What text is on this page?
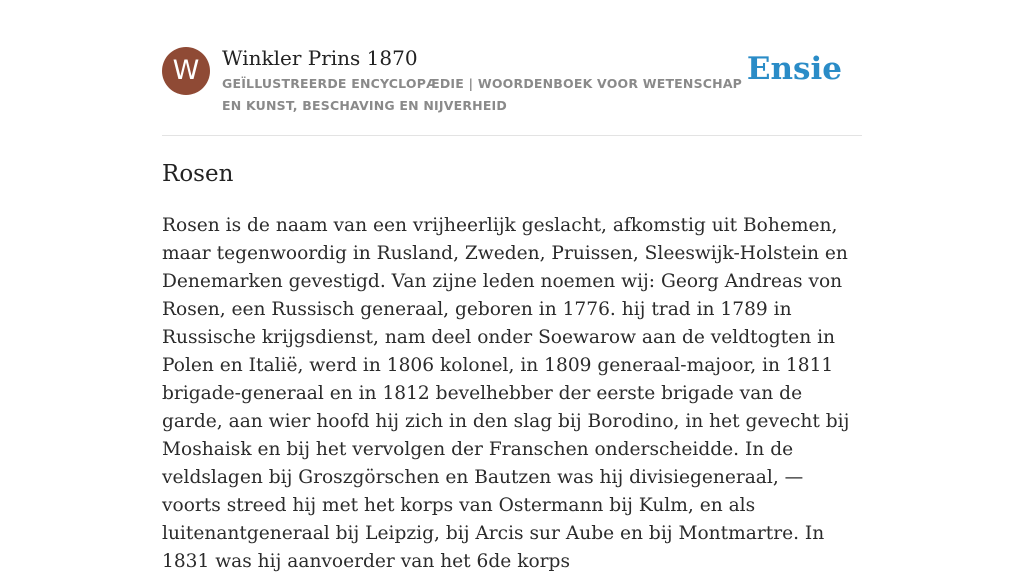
W	Winkler Prins 1870
GEÏLLUSTREERDE ENCYCLOPÆDIE | WOORDENBOEK VOOR WETENSCHAP EN KUNST, BESCHAVING EN NIJVERHEID
Ensie
Rosen

Rosen is de naam van een vrijheerlijk geslacht, afkomstig uit Bohemen, maar tegenwoordig in Rusland, Zweden, Pruissen, Sleeswijk-Holstein en Denemarken gevestigd. Van zijne leden noemen wij: Georg Andreas von Rosen, een Russisch generaal, geboren in 1776. hij trad in 1789 in Russische krijgsdienst, nam deel onder Soewarow aan de veldtogten in Polen en Italië, werd in 1806 kolonel, in 1809 generaal-majoor, in 1811 brigade-generaal en in 1812 bevelhebber der eerste brigade van de garde, aan wier hoofd hij zich in den slag bij Borodino, in het gevecht bij Moshaisk en bij het vervolgen der Franschen onderscheidde. In de veldslagen bij Groszgörschen en Bautzen was hij divisiegeneraal, — voorts streed hij met het korps van Ostermann bij Kulm, en als luitenantgeneraal bij Leipzig, bij Arcis sur Aube en bij Montmartre. In 1831 was hij aanvoerder van het 6de korps
